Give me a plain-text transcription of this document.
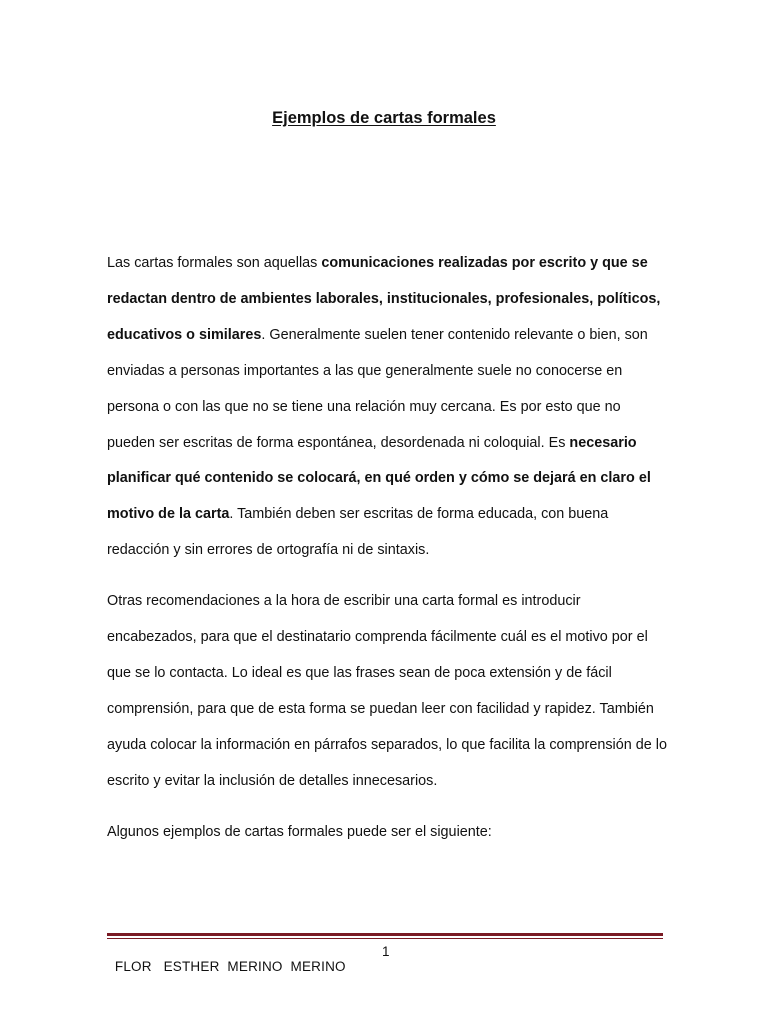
Ejemplos de cartas formales

Las cartas formales son aquellas comunicaciones realizadas por escrito y que se redactan dentro de ambientes laborales, institucionales, profesionales, políticos, educativos o similares. Generalmente suelen tener contenido relevante o bien, son enviadas a personas importantes a las que generalmente suele no conocerse en persona o con las que no se tiene una relación muy cercana. Es por esto que no pueden ser escritas de forma espontánea, desordenada ni coloquial. Es necesario planificar qué contenido se colocará, en qué orden y cómo se dejará en claro el motivo de la carta. También deben ser escritas de forma educada, con buena redacción y sin errores de ortografía ni de sintaxis.

Otras recomendaciones a la hora de escribir una carta formal es introducir encabezados, para que el destinatario comprenda fácilmente cuál es el motivo por el que se lo contacta. Lo ideal es que las frases sean de poca extensión y de fácil comprensión, para que de esta forma se puedan leer con facilidad y rapidez. También ayuda colocar la información en párrafos separados, lo que facilita la comprensión de lo escrito y evitar la inclusión de detalles innecesarios.

Algunos ejemplos de cartas formales puede ser el siguiente:

FLOR   ESTHER  MERINO  MERINO

1
